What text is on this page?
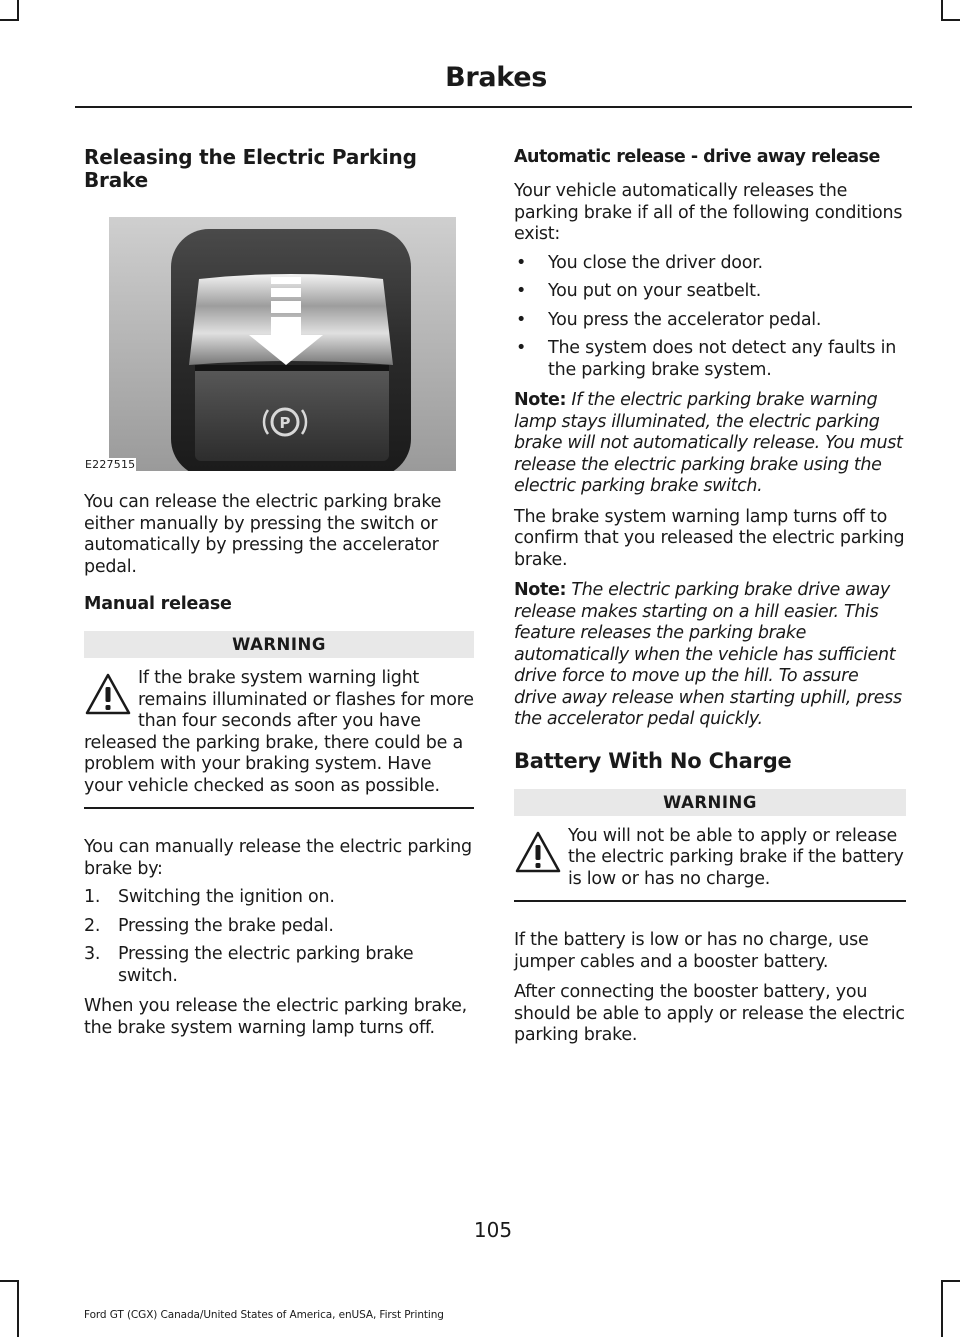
Brakes
Releasing the Electric Parking Brake
P
E227515

You can release the electric parking brake either manually by pressing the switch or automatically by pressing the accelerator pedal.

Manual release
WARNING

If the brake system warning light remains illuminated or flashes for more than four seconds after you have released the parking brake, there could be a problem with your braking system. Have your vehicle checked as soon as possible.

You can manually release the electric parking brake by:

1. Switching the ignition on.
2. Pressing the brake pedal.
3. Pressing the electric parking brake switch.

When you release the electric parking brake, the brake system warning lamp turns off.

Automatic release - drive away release

Your vehicle automatically releases the parking brake if all of the following conditions exist:

• You close the driver door.
• You put on your seatbelt.
• You press the accelerator pedal.
• The system does not detect any faults in the parking brake system.

Note: If the electric parking brake warning lamp stays illuminated, the electric parking brake will not automatically release. You must release the electric parking brake using the electric parking brake switch.

The brake system warning lamp turns off to confirm that you released the electric parking brake.

Note: The electric parking brake drive away release makes starting on a hill easier. This feature releases the parking brake automatically when the vehicle has sufficient drive force to move up the hill. To assure drive away release when starting uphill, press the accelerator pedal quickly.

Battery With No Charge
WARNING

You will not be able to apply or release the electric parking brake if the battery is low or has no charge.

If the battery is low or has no charge, use jumper cables and a booster battery.

After connecting the booster battery, you should be able to apply or release the electric parking brake.

105
Ford GT (CGX) Canada/United States of America, enUSA, First Printing
